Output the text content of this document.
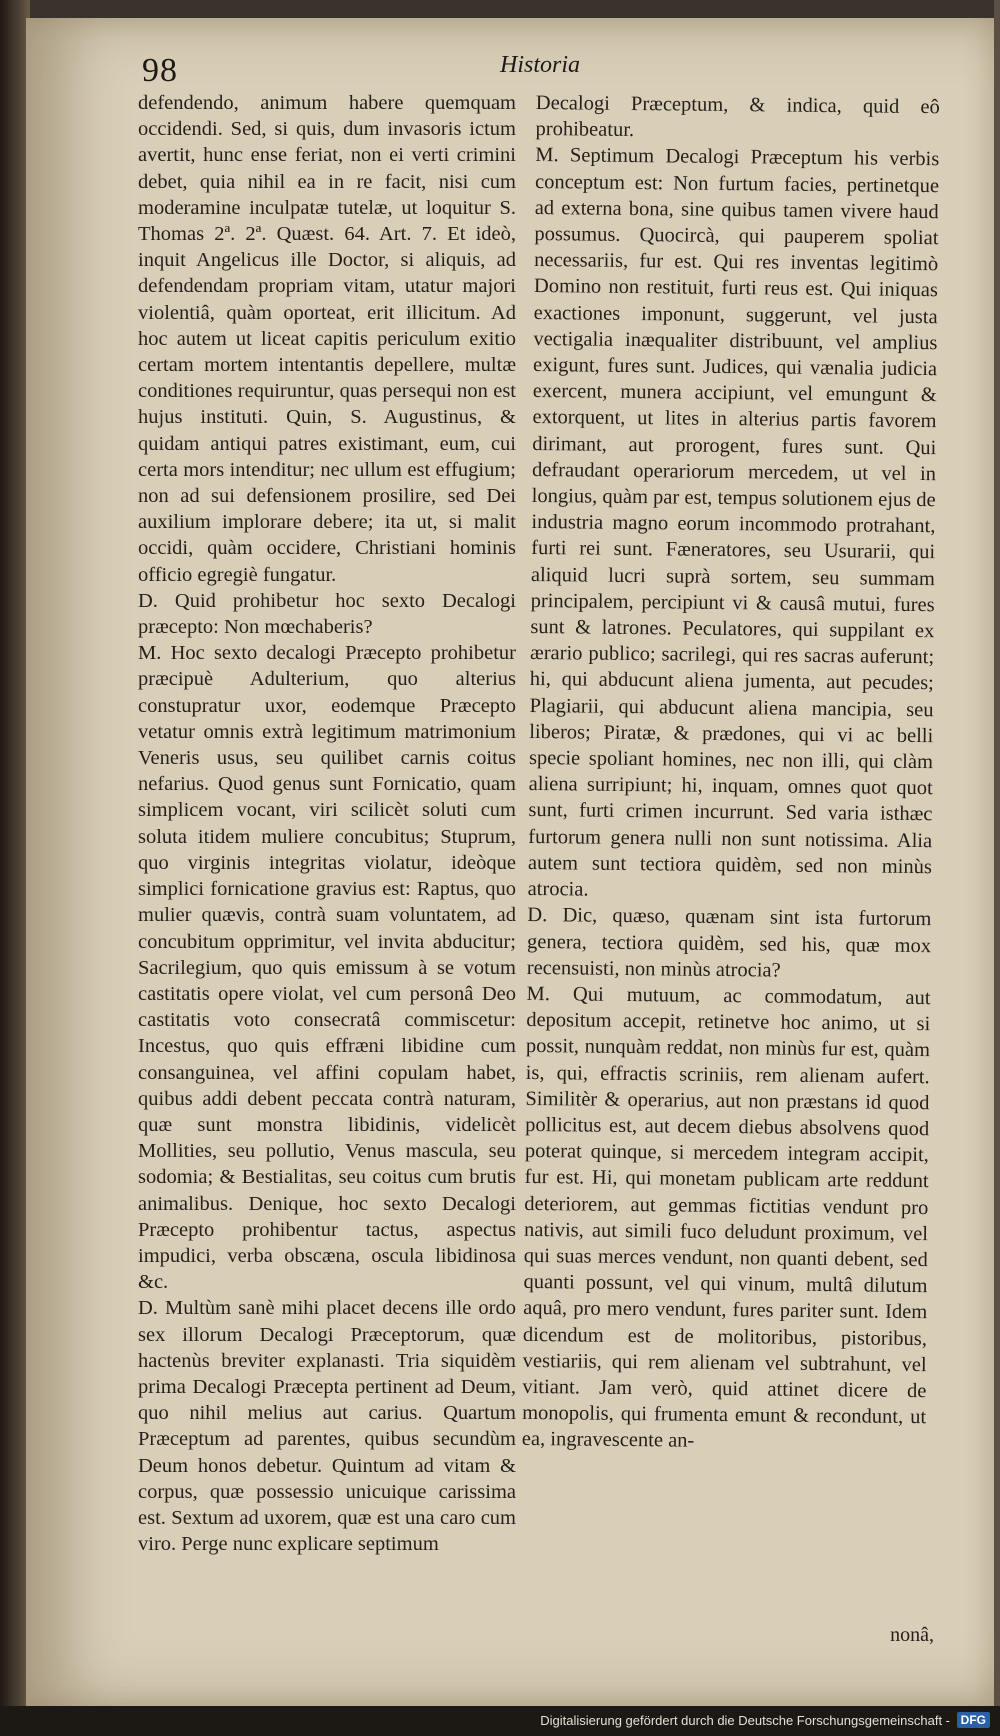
98	Historia

defendendo, animum habere quemquam occidendi. Sed, si quis, dum invasoris ictum avertit, hunc ense feriat, non ei verti crimini debet, quia nihil ea in re facit, nisi cum moderamine inculpatæ tutelæ, ut loquitur S. Thomas 2ª. 2ª. Quæst. 64. Art. 7. Et ideò, inquit Angelicus ille Doctor, si aliquis, ad defendendam propriam vitam, utatur majori violentiâ, quàm oporteat, erit illicitum. Ad hoc autem ut liceat capitis periculum exitio certam mortem intentantis depellere, multæ conditiones requiruntur, quas persequi non est hujus instituti. Quin, S. Augustinus, & quidam antiqui patres existimant, eum, cui certa mors intenditur; nec ullum est effugium; non ad sui defensionem prosilire, sed Dei auxilium implorare debere; ita ut, si malit occidi, quàm occidere, Christiani hominis officio egregiè fungatur.

D. Quid prohibetur hoc sexto Decalogi præcepto: Non mœchaberis?

M. Hoc sexto decalogi Præcepto prohibetur præcipuè Adulterium, quo alterius constupratur uxor, eodemque Præcepto vetatur omnis extrà legitimum matrimonium Veneris usus, seu quilibet carnis coitus nefarius. Quod genus sunt Fornicatio, quam simplicem vocant, viri scilicèt soluti cum soluta itidem muliere concubitus; Stuprum, quo virginis integritas violatur, ideòque simplici fornicatione gravius est: Raptus, quo mulier quævis, contrà suam voluntatem, ad concubitum opprimitur, vel invita abducitur; Sacrilegium, quo quis emissum à se votum castitatis opere violat, vel cum personâ Deo castitatis voto consecratâ commiscetur: Incestus, quo quis effræni libidine cum consanguinea, vel affini copulam habet, quibus addi debent peccata contrà naturam, quæ sunt monstra libidinis, videlicèt Mollities, seu pollutio, Venus mascula, seu sodomia; & Bestialitas, seu coitus cum brutis animalibus. Denique, hoc sexto Decalogi Præcepto prohibentur tactus, aspectus impudici, verba obscæna, oscula libidinosa &c.

D. Multùm sanè mihi placet decens ille ordo sex illorum Decalogi Præceptorum, quæ hactenùs breviter explanasti. Tria siquidèm prima Decalogi Præcepta pertinent ad Deum, quo nihil melius aut carius. Quartum Præceptum ad parentes, quibus secundùm Deum honos debetur. Quintum ad vitam & corpus, quæ possessio unicuique carissima est. Sextum ad uxorem, quæ est una caro cum viro. Perge nunc explicare septimum

Decalogi Præceptum, & indica, quid eô prohibeatur.

M. Septimum Decalogi Præceptum his verbis conceptum est: Non furtum facies, pertinetque ad externa bona, sine quibus tamen vivere haud possumus. Quocircà, qui pauperem spoliat necessariis, fur est. Qui res inventas legitimò Domino non restituit, furti reus est. Qui iniquas exactiones imponunt, suggerunt, vel justa vectigalia inæqualiter distribuunt, vel amplius exigunt, fures sunt. Judices, qui vænalia judicia exercent, munera accipiunt, vel emungunt & extorquent, ut lites in alterius partis favorem dirimant, aut prorogent, fures sunt. Qui defraudant operariorum mercedem, ut vel in longius, quàm par est, tempus solutionem ejus de industria magno eorum incommodo protrahant, furti rei sunt. Fæneratores, seu Usurarii, qui aliquid lucri suprà sortem, seu summam principalem, percipiunt vi & causâ mutui, fures sunt & latrones. Peculatores, qui suppilant ex ærario publico; sacrilegi, qui res sacras auferunt; hi, qui abducunt aliena jumenta, aut pecudes; Plagiarii, qui abducunt aliena mancipia, seu liberos; Piratæ, & prædones, qui vi ac belli specie spoliant homines, nec non illi, qui clàm aliena surripiunt; hi, inquam, omnes quot quot sunt, furti crimen incurrunt. Sed varia isthæc furtorum genera nulli non sunt notissima. Alia autem sunt tectiora quidèm, sed non minùs atrocia.

D. Dic, quæso, quænam sint ista furtorum genera, tectiora quidèm, sed his, quæ mox recensuisti, non minùs atrocia?

M. Qui mutuum, ac commodatum, aut depositum accepit, retinetve hoc animo, ut si possit, nunquàm reddat, non minùs fur est, quàm is, qui, effractis scriniis, rem alienam aufert. Similitèr & operarius, aut non præstans id quod pollicitus est, aut decem diebus absolvens quod poterat quinque, si mercedem integram accipit, fur est. Hi, qui monetam publicam arte reddunt deteriorem, aut gemmas fictitias vendunt pro nativis, aut simili fuco deludunt proximum, vel qui suas merces vendunt, non quanti debent, sed quanti possunt, vel qui vinum, multâ dilutum aquâ, pro mero vendunt, fures pariter sunt. Idem dicendum est de molitoribus, pistoribus, vestiariis, qui rem alienam vel subtrahunt, vel vitiant. Jam verò, quid attinet dicere de monopolis, qui frumenta emunt & recondunt, ut ea, ingravescente an-

nonâ,
Digitalisierung gefördert durch die Deutsche Forschungsgemeinschaft - DFG
